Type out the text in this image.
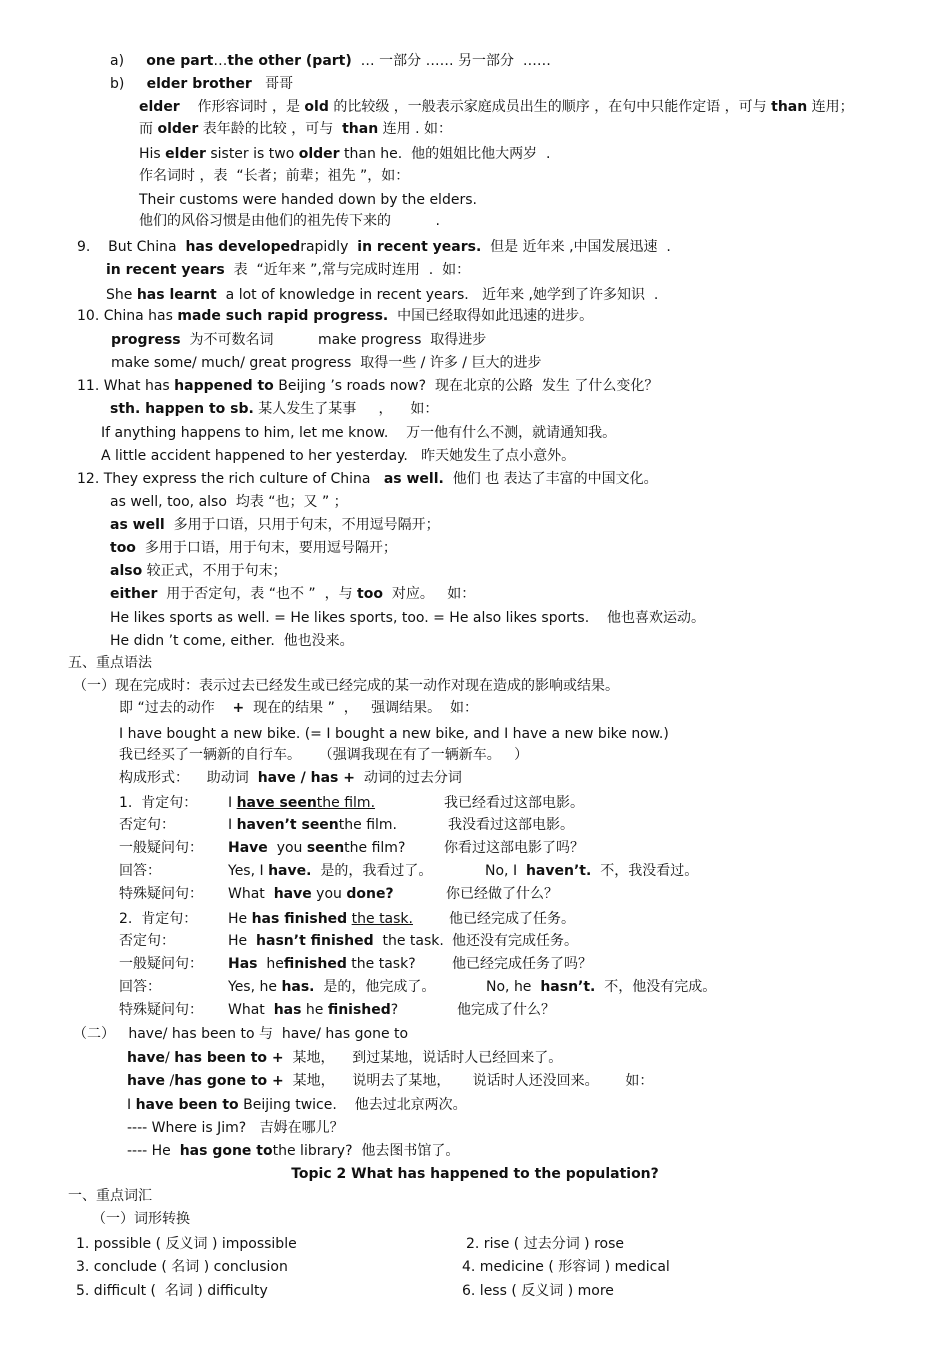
a)     one part…the other (part)  … 一部分 …… 另一部分  ……
b)     elder brother   哥哥
elder    作形容词时 ，是 old 的比较级 ，一般表示家庭成员出生的顺序 ，在句中只能作定语 ，可与 than 连用；
而 older 表年龄的比较 ，可与  than 连用 . 如：
His elder sister is two older than he.  他的姐姐比他大两岁  .
作名词时 ，表  “长者；前辈；祖先 ”，如：
Their customs were handed down by the elders.
他们的风俗习惯是由他们的祖先传下来的          .
9.    But China  has developedrapidly  in recent years.  但是 近年来 ,中国发展迅速  .
in recent years  表  “近年来 ”,常与完成时连用  .  如：
She has learnt  a lot of knowledge in recent years.   近年来 ,她学到了许多知识  .
10. China has made such rapid progress.  中国已经取得如此迅速的进步。
progress  为不可数名词          make progress  取得进步
make some/ much/ great progress  取得一些 / 许多 / 巨大的进步
11. What has happened to Beijing ’s roads now?  现在北京的公路  发生 了什么变化？
sth. happen to sb. 某人发生了某事     ，    如：
If anything happens to him, let me know.    万一他有什么不测，就请通知我。
A little accident happened to her yesterday.   昨天她发生了点小意外。
12. They express the rich culture of China   as well.  他们 也 表达了丰富的中国文化。
as well, too, also  均表 “也；又 ” ；
as well  多用于口语，只用于句末，不用逗号隔开；
too  多用于口语，用于句末，要用逗号隔开；
also 较正式，不用于句末；
either  用于否定句，表 “也不 ”  ，与 too  对应。   如：
He likes sports as well. = He likes sports, too. = He also likes sports.    他也喜欢运动。
He didn ’t come, either.  他也没来。
五、重点语法
（一）现在完成时：表示过去已经发生或已经完成的某一动作对现在造成的影响或结果。
即 “过去的动作    +  现在的结果 ”  ，   强调结果。  如：
I have bought a new bike. (= I bought a new bike, and I have a new bike now.)
我已经买了一辆新的自行车。    （强调我现在有了一辆新车。   ）
构成形式：    助动词  have / has +  动词的过去分词
1.  肯定句： I have seenthe film.	我已经看过这部电影。
否定句：	I haven’t seenthe film.	我没看过这部电影。
一般疑问句： Have  you seenthe film?	你看过这部电影了吗？
回答：	Yes, I have.  是的，我看过了。	No, I  haven’t.  不，我没看过。
特殊疑问句： What  have you done?	你已经做了什么？
2.  肯定句： He has finished the task.	他已经完成了任务。
否定句：	He  hasn’t finished  the task. 他还没有完成任务。
一般疑问句： Has  hefinished the task?	他已经完成任务了吗？
回答：	Yes, he has.  是的，他完成了。	No, he  hasn’t.  不，他没有完成。
特殊疑问句： What  has he finished?	他完成了什么？
（二）   have/ has been to 与  have/ has gone to
have/ has been to +  某地，    到过某地，说话时人已经回来了。
have /has gone to +  某地，    说明去了某地，     说话时人还没回来。      如：
I have been to Beijing twice.    他去过北京两次。
---- Where is Jim?   吉姆在哪儿？
---- He  has gone tothe library?  他去图书馆了。
Topic 2 What has happened to the population?
一、重点词汇
（一）词形转换
1. possible ( 反义词 ) impossible	2. rise ( 过去分词 ) rose
3. conclude ( 名词 ) conclusion	4. medicine ( 形容词 ) medical
5. difficult (  名词 ) difficulty	6. less ( 反义词 ) more
